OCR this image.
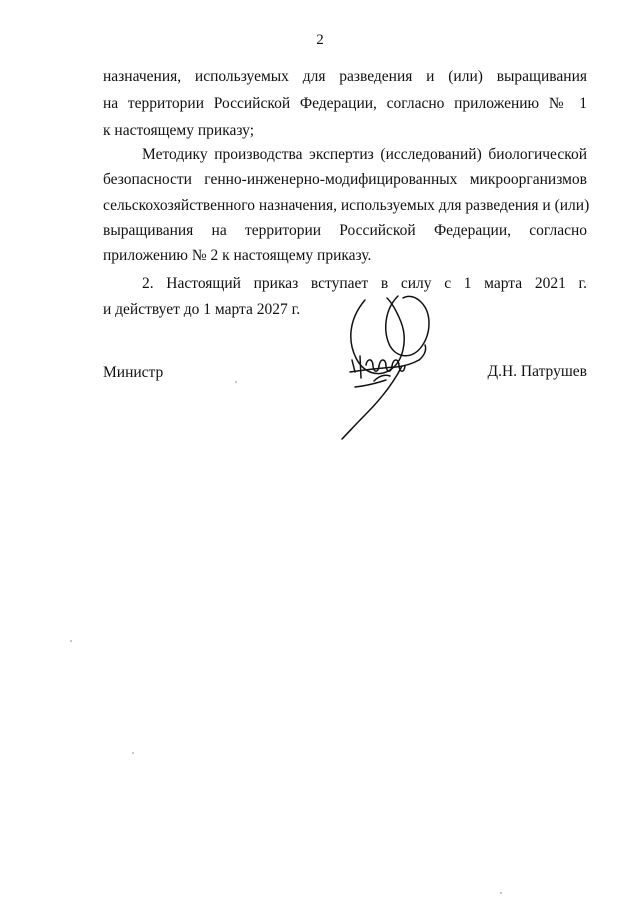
2
назначения, используемых для разведения и (или) выращивания
на территории Российской Федерации, согласно приложению № 1
к настоящему приказу;
Методику производства экспертиз (исследований) биологической
безопасности генно-инженерно-модифицированных микроорганизмов
сельскохозяйственного назначения, используемых для разведения и (или)
выращивания на территории Российской Федерации, согласно
приложению № 2 к настоящему приказу.
2. Настоящий приказ вступает в силу с 1 марта 2021 г.
и действует до 1 марта 2027 г.
Министр	Д.Н. Патрушев
